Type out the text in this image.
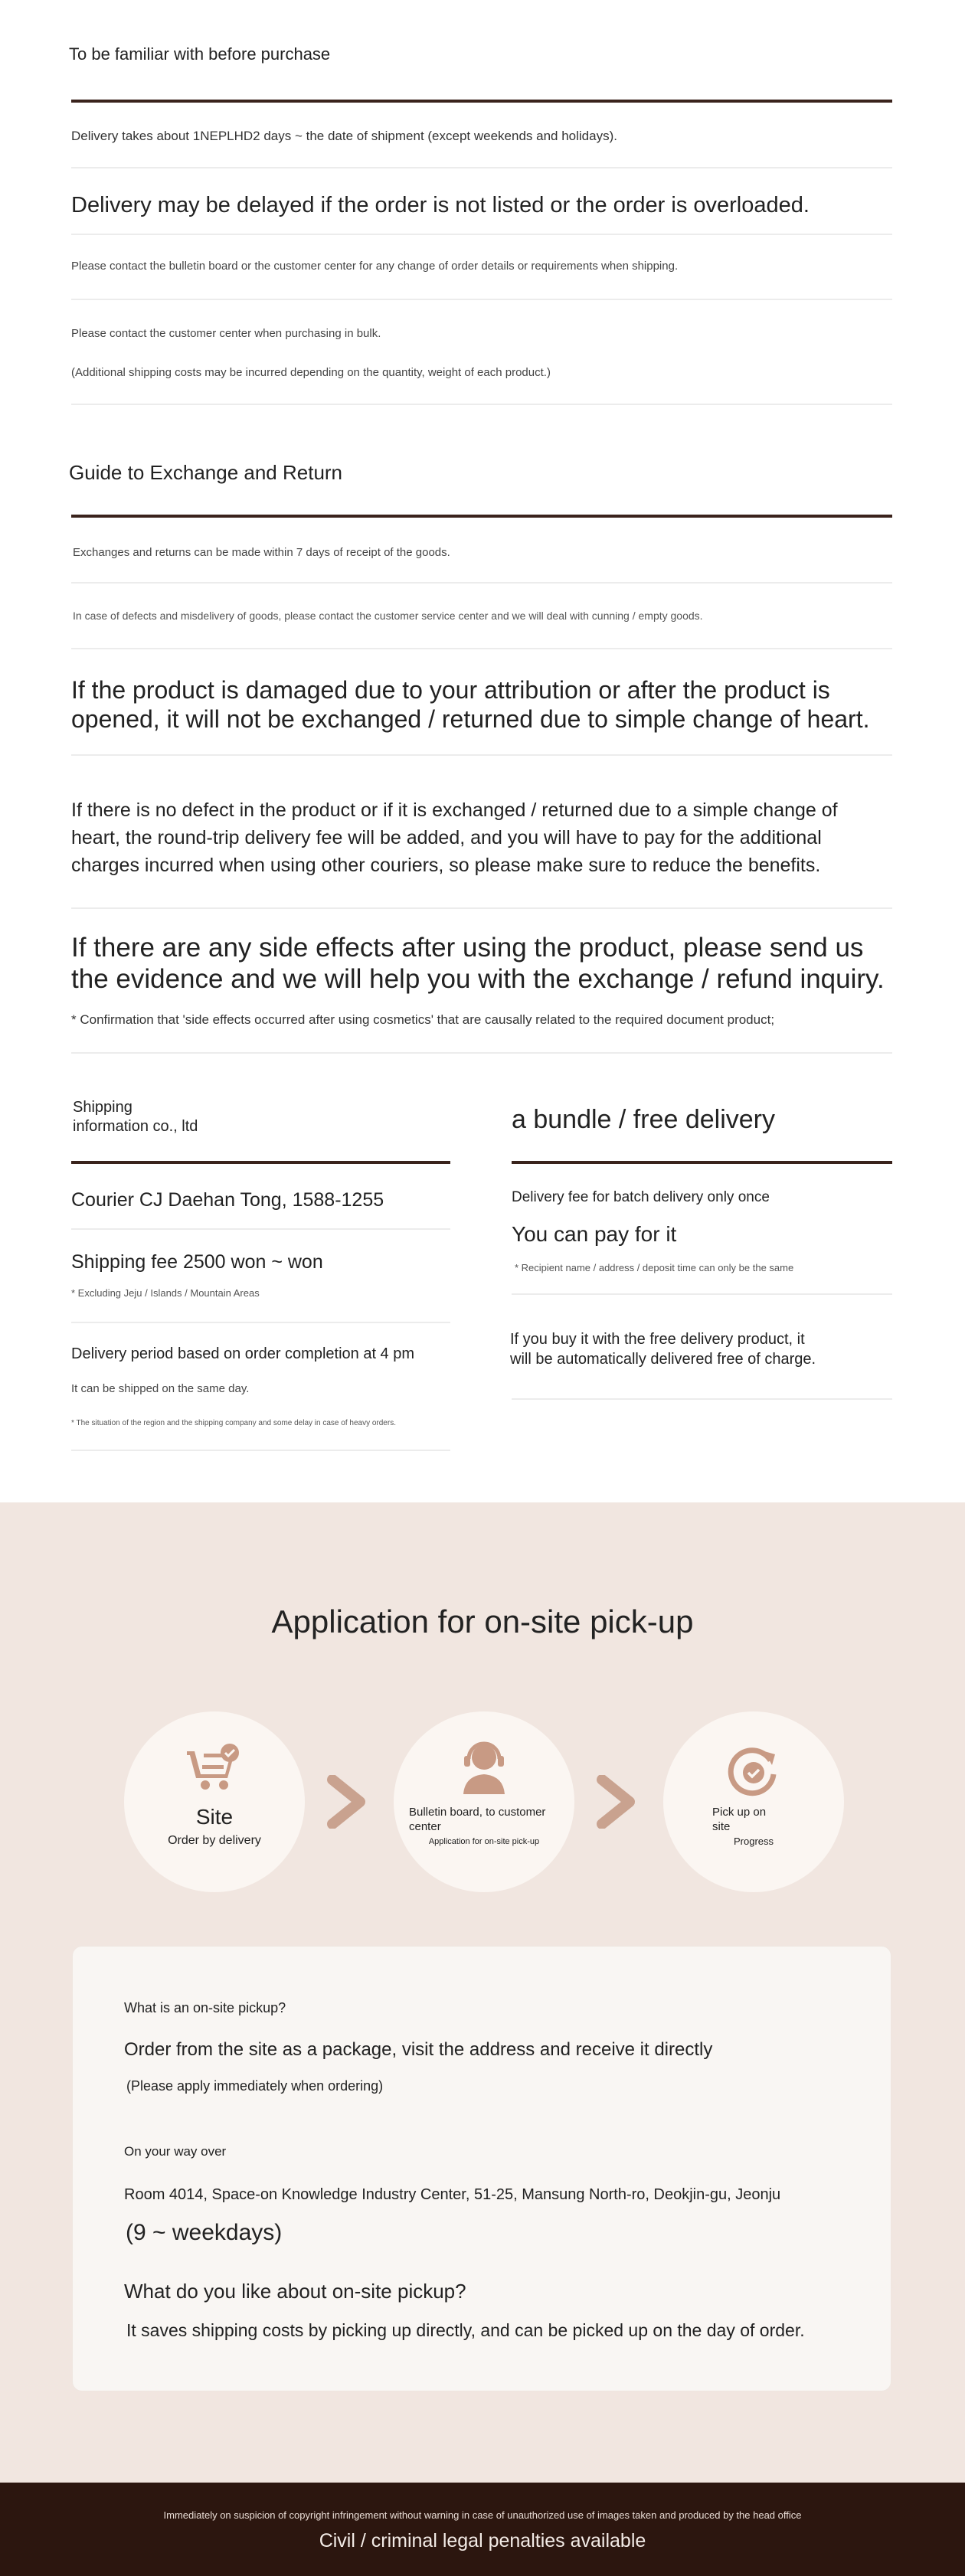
To be familiar with before purchase
Delivery takes about 1NEPLHD2 days ~ the date of shipment (except weekends and holidays).
Delivery may be delayed if the order is not listed or the order is overloaded.
Please contact the bulletin board or the customer center for any change of order details or requirements when shipping.
Please contact the customer center when purchasing in bulk.
(Additional shipping costs may be incurred depending on the quantity, weight of each product.)
Guide to Exchange and Return
Exchanges and returns can be made within 7 days of receipt of the goods.
In case of defects and misdelivery of goods, please contact the customer service center and we will deal with cunning / empty goods.
If the product is damaged due to your attribution or after the product is
opened, it will not be exchanged / returned due to simple change of heart.
If there is no defect in the product or if it is exchanged / returned due to a simple change of
heart, the round-trip delivery fee will be added, and you will have to pay for the additional
charges incurred when using other couriers, so please make sure to reduce the benefits.
If there are any side effects after using the product, please send us
the evidence and we will help you with the exchange / refund inquiry.
* Confirmation that 'side effects occurred after using cosmetics' that are causally related to the required document product;
Shipping
information co., ltd
Courier CJ Daehan Tong, 1588-1255
Shipping fee 2500 won ~ won
* Excluding Jeju / Islands / Mountain Areas
Delivery period based on order completion at 4 pm
It can be shipped on the same day.
* The situation of the region and the shipping company and some delay in case of heavy orders.
a bundle / free delivery
Delivery fee for batch delivery only once
You can pay for it
* Recipient name / address / deposit time can only be the same
If you buy it with the free delivery product, it
will be automatically delivered free of charge.
Application for on-site pick-up
Site
Order by delivery
Bulletin board, to customer center
Application for on-site pick-up
Pick up on site
Progress
What is an on-site pickup?
Order from the site as a package, visit the address and receive it directly
(Please apply immediately when ordering)
On your way over
Room 4014, Space-on Knowledge Industry Center, 51-25, Mansung North-ro, Deokjin-gu, Jeonju
(9 ~ weekdays)
What do you like about on-site pickup?
It saves shipping costs by picking up directly, and can be picked up on the day of order.
Immediately on suspicion of copyright infringement without warning in case of unauthorized use of images taken and produced by the head office
Civil / criminal legal penalties available
